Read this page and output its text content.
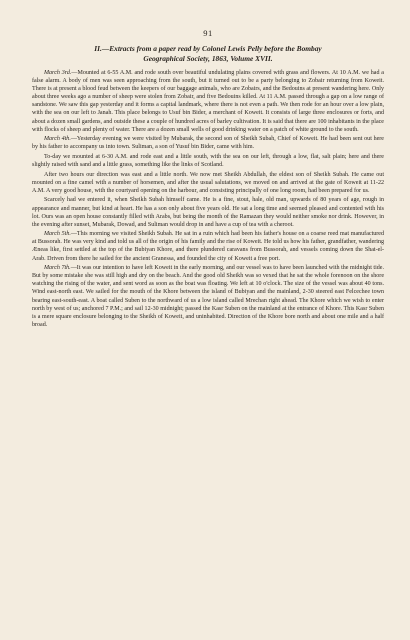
91
II.—Extracts from a paper read by Colonel Lewis Pelly before the Bombay
Geographical Society, 1863, Volume XVII.

March 3rd.—Mounted at 6-55 A.M. and rode south over beautiful undulating plains covered with grass and flowers. At 10 A.M. we had a false alarm. A body of men was seen approaching from the south, but it turned out to be a party belonging to Zobair returning from Koweit. There is at present a blood feud between the keepers of our baggage animals, who are Zobairs, and the Bedouins at present wandering here. Only about three weeks ago a number of sheep were stolen from Zobair, and five Bedouins killed. At 11 A.M. passed through a gap on a low range of sandstone. We saw this gap yesterday and it forms a capital landmark, where there is not even a path. We then rode for an hour over a low plain, with the sea on our left to Janah. This place belongs to Usuf bin Bider, a merchant of Koweit. It consists of large three enclosures or forts, and about a dozen small gardens, and outside these a couple of hundred acres of barley cultivation. It is said that there are 100 inhabitants in the place with flocks of sheep and plenty of water. There are a dozen small wells of good drinking water on a patch of white ground to the south.

March 4th.—Yesterday evening we were visited by Mubarak, the second son of Sheikh Subah, Chief of Koweit. He had been sent out here by his father to accompany us into town. Suliman, a son of Yusuf bin Bider, came with him.

To-day we mounted at 6-30 A.M. and rode east and a little south, with the sea on our left, through a low, flat, salt plain; here and there slightly raised with sand and a little grass, something like the links of Scotland.

After two hours our direction was east and a little north. We now met Sheikh Abdullah, the eldest son of Sheikh Subah. He came out mounted on a fine camel with a number of horsemen, and after the usual salutations, we moved on and arrived at the gate of Koweit at 11-22 A.M. A very good house, with the courtyard opening on the harbour, and consisting principally of one long room, had been prepared for us.

Scarcely had we entered it, when Sheikh Subah himself came. He is a fine, stout, hale, old man, upwards of 80 years of age, rough in appearance and manner, but kind at heart. He has a son only about five years old. He sat a long time and seemed pleased and contented with his lot. Ours was an open house constantly filled with Arabs, but being the month of the Ramazan they would neither smoke nor drink. However, in the evening after sunset, Mubarak, Dowad, and Suliman would drop in and have a cup of tea with a cheroot.

March 5th.—This morning we visited Sheikh Subah. He sat in a ruin which had been his father's house on a coarse reed mat manufactured at Bussorah. He was very kind and told us all of the origin of his family and the rise of Koweit. He told us how his father, grandfather, wandering Æneas like, first settled at the top of the Bubiyan Khore, and there plundered caravans from Bussorah, and vessels coming down the Shat-el-Arab. Driven from there he sailed for the ancient Granessa, and founded the city of Koweit a free port.

March 7th.—It was our intention to have left Koweit in the early morning, and our vessel was to have been launched with the midnight tide. But by some mistake she was still high and dry on the beach. And the good old Sheikh was so vexed that he sat the whole forenoon on the shore watching the rising of the water, and sent word as soon as the boat was floating. We left at 10 o'clock. The size of the vessel was about 40 tons. Wind east-north east. We sailed for the mouth of the Khore between the island of Bubiyan and the mainland, 2-30 steered east Felcechee town bearing east-south-east. A boat called Suben to the northward of us a low island called Mrechan right ahead. The Khore which we wish to enter north by west of us; anchored 7 P.M.; and sail 12-30 midnight; passed the Kasr Suben on the mainland at the entrance of Khore. This Kasr Suben is a mere square enclosure belonging to the Sheikh of Koweit, and uninhabited. Direction of the Khore bore north and about one mile and a half broad.
